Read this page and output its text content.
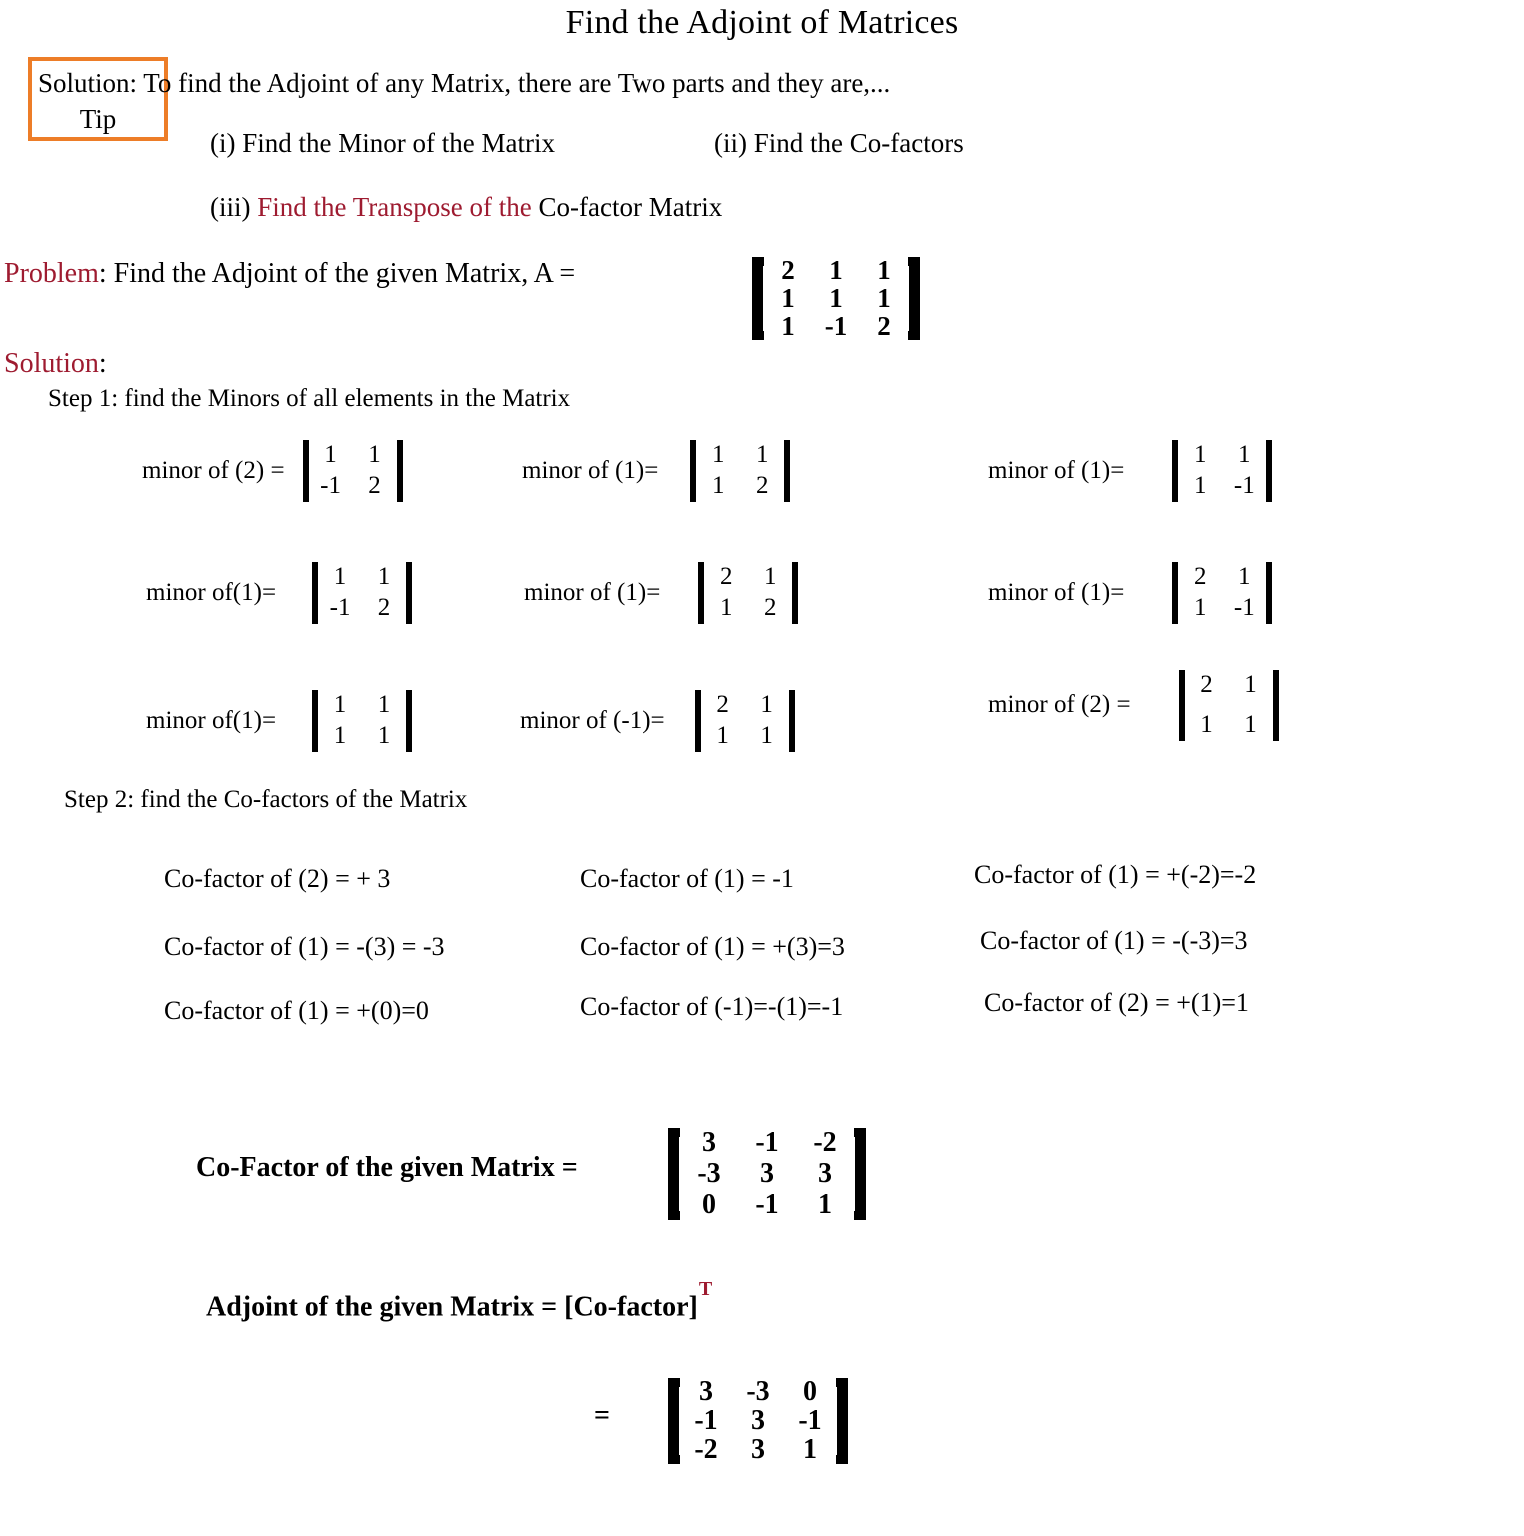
Find the Adjoint of Matrices
Tip
Solution: To find the Adjoint of any Matrix, there are Two parts and they are,...
(i) Find the Minor of the Matrix	(ii) Find the Co-factors
(iii) Find the Transpose of the Co-factor Matrix
Problem: Find the Adjoint of the given Matrix, A =	2	1	1
1	1	1
1	-1	2
Solution:
Step 1: find the Minors of all elements in the Matrix
minor of (2) =
1	1
-1	2
minor of (1)=
1	1
1	2
minor of (1)=
1	1
1	-1
minor of(1)=
1	1
-1	2
minor of (1)=
2	1
1	2
minor of (1)=
2	1
1	-1
minor of(1)=
1	1
1	1
minor of (-1)=
2	1
1	1
minor of (2) =
2	1
1	1
Step 2: find the Co-factors of the Matrix
Co-factor of (2) = + 3	Co-factor of (1) = -1	Co-factor of (1) = +(-2)=-2
Co-factor of (1) = -(3) = -3	Co-factor of (1) = +(3)=3	Co-factor of (1) = -(-3)=3
Co-factor of (1) = +(0)=0	Co-factor of (-1)=-(1)=-1	Co-factor of (2) = +(1)=1
Co-Factor of the given Matrix =
3	-1	-2
-3	3	3
0	-1	1
Adjoint of the given Matrix = [Co-factor]$^T$
=
3	-3	0
-1	3	-1
-2	3	1
